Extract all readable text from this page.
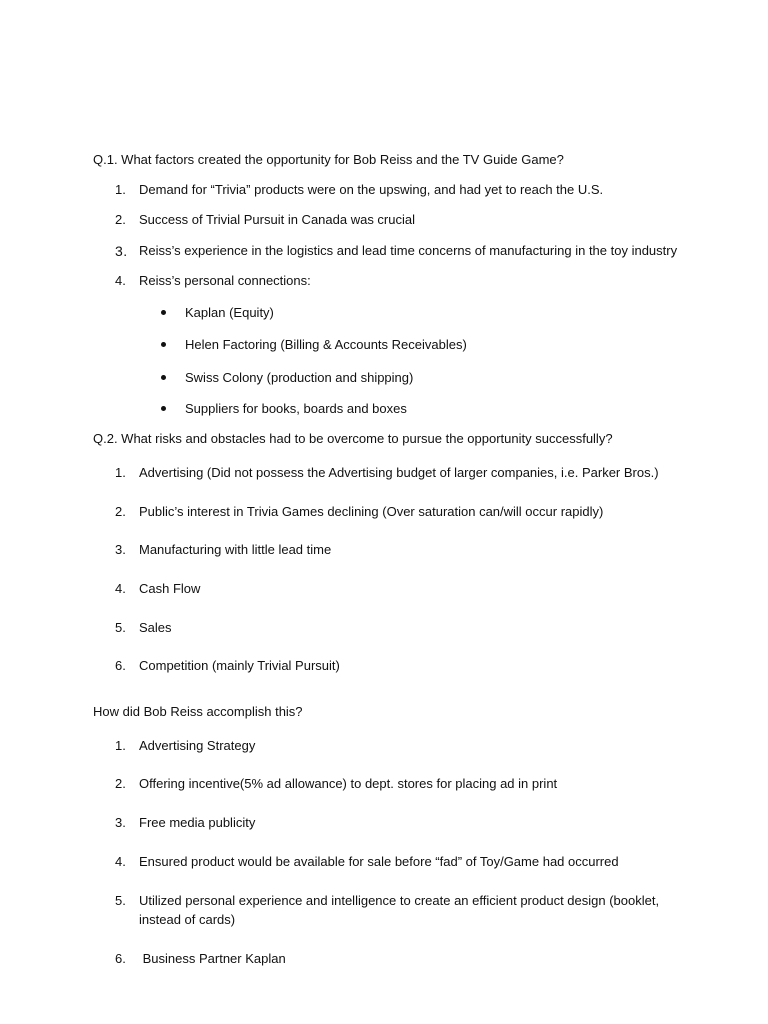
Q.1. What factors created the opportunity for Bob Reiss and the TV Guide Game?
1.	Demand for “Trivia” products were on the upswing, and had yet to reach the U.S.
2.	Success of Trivial Pursuit in Canada was crucial
3. Reiss’s experience in the logistics and lead time concerns of manufacturing in the toy industry
4.	Reiss’s personal connections:
Kaplan (Equity)
Helen Factoring (Billing & Accounts Receivables)
Swiss Colony (production and shipping)
Suppliers for books, boards and boxes
Q.2. What risks and obstacles had to be overcome to pursue the opportunity successfully?
1.	Advertising (Did not possess the Advertising budget of larger companies, i.e. Parker Bros.)
2.	Public’s interest in Trivia Games declining (Over saturation can/will occur rapidly)
3.	Manufacturing with little lead time
4.	Cash Flow
5.	Sales
6.	Competition (mainly Trivial Pursuit)
How did Bob Reiss accomplish this?
1.	Advertising Strategy
2.	Offering incentive(5% ad allowance) to dept. stores for placing ad in print
3.	Free media publicity
4.	Ensured product would be available for sale before “fad” of Toy/Game had occurred
5.	Utilized personal experience and intelligence to create an efficient product design (booklet,
instead of cards)
6.	Business Partner Kaplan
